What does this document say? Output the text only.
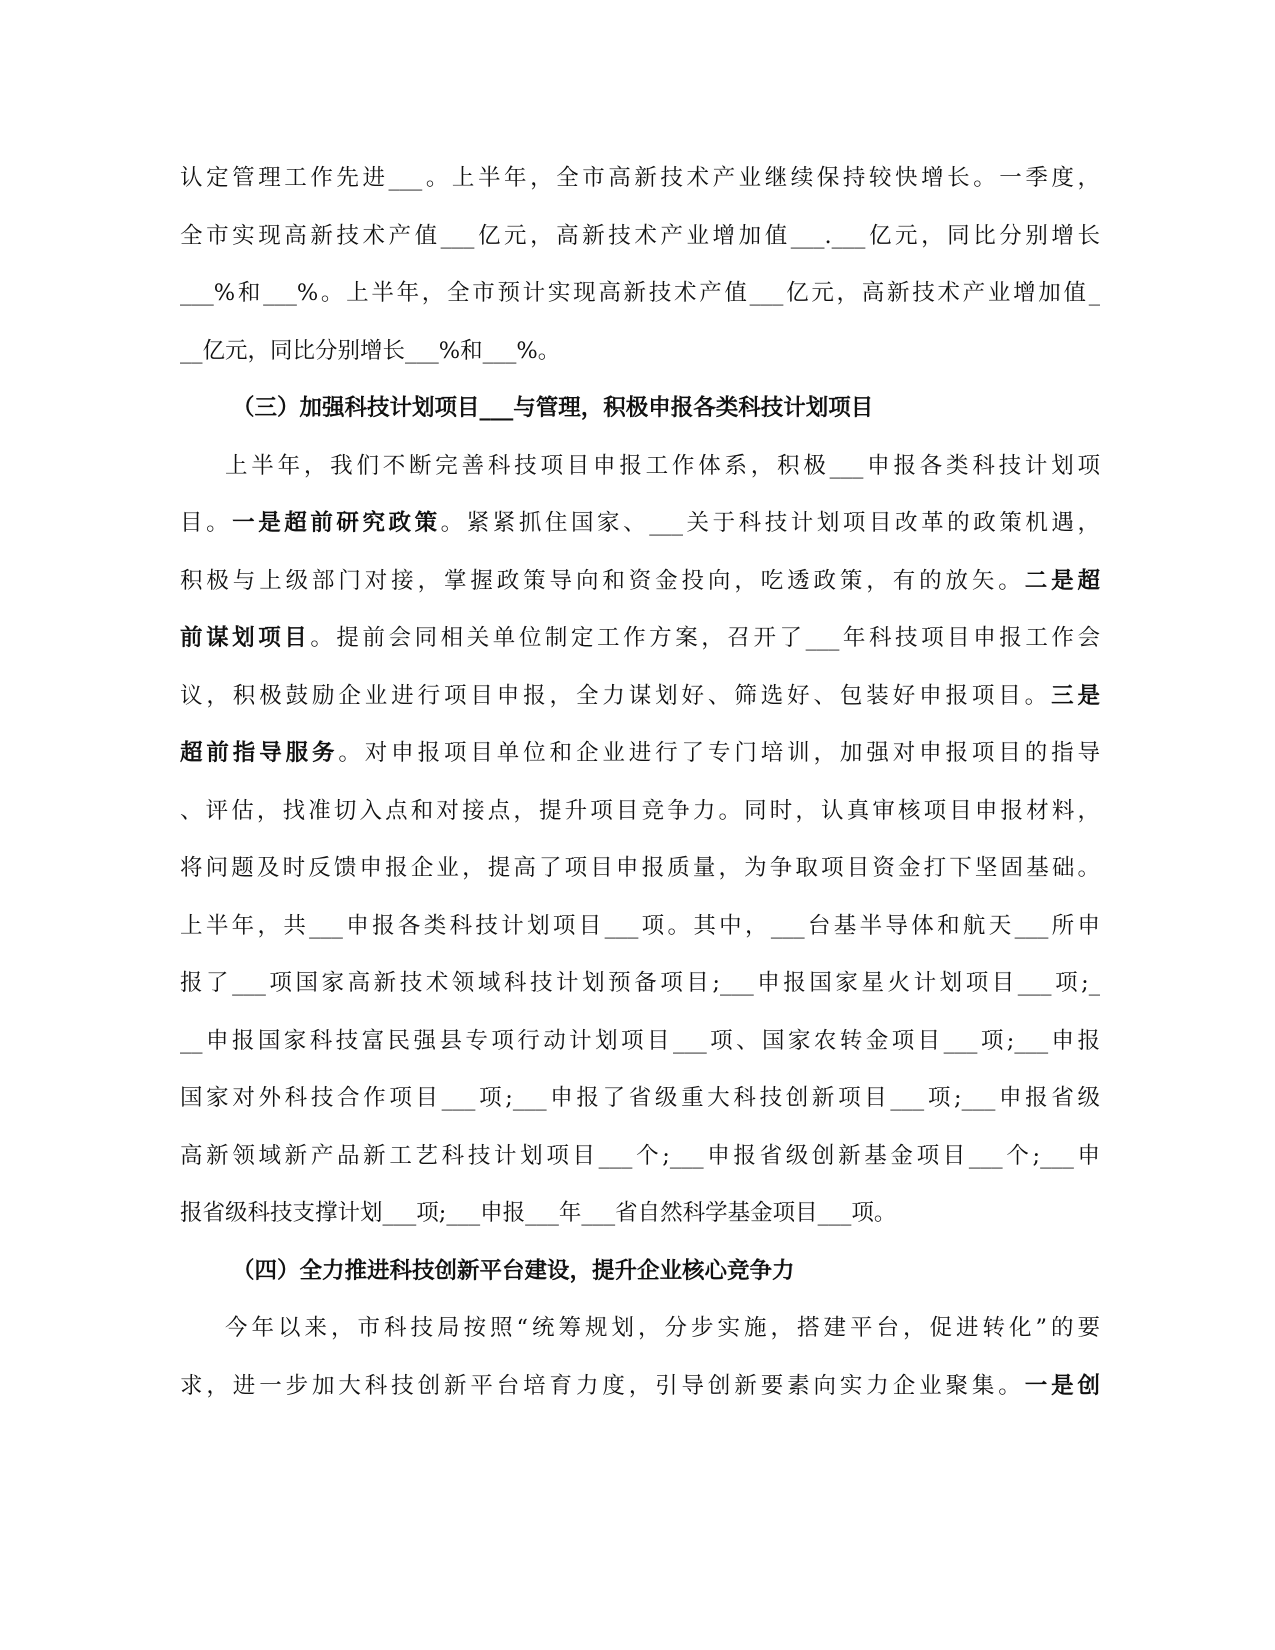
认定管理工作先进___。上半年，全市高新技术产业继续保持较快增长。一季度，
全市实现高新技术产值___亿元，高新技术产业增加值___.___亿元，同比分别增长
___%和___%。上半年，全市预计实现高新技术产值___亿元，高新技术产业增加值_
__亿元，同比分别增长___%和___%。
（三）加强科技计划项目___与管理，积极申报各类科技计划项目
上半年，我们不断完善科技项目申报工作体系，积极___申报各类科技计划项
目。一是超前研究政策。紧紧抓住国家、___关于科技计划项目改革的政策机遇，
积极与上级部门对接，掌握政策导向和资金投向，吃透政策，有的放矢。二是超
前谋划项目。提前会同相关单位制定工作方案，召开了___年科技项目申报工作会
议，积极鼓励企业进行项目申报，全力谋划好、筛选好、包装好申报项目。三是
超前指导服务。对申报项目单位和企业进行了专门培训，加强对申报项目的指导
、评估，找准切入点和对接点，提升项目竞争力。同时，认真审核项目申报材料，
将问题及时反馈申报企业，提高了项目申报质量，为争取项目资金打下坚固基础。
上半年，共___申报各类科技计划项目___项。其中，___台基半导体和航天___所申
报了___项国家高新技术领域科技计划预备项目;___申报国家星火计划项目___项;_
__申报国家科技富民强县专项行动计划项目___项、国家农转金项目___项;___申报
国家对外科技合作项目___项;___申报了省级重大科技创新项目___项;___申报省级
高新领域新产品新工艺科技计划项目___个;___申报省级创新基金项目___个;___申
报省级科技支撑计划___项;___申报___年___省自然科学基金项目___项。
（四）全力推进科技创新平台建设，提升企业核心竞争力
今年以来，市科技局按照“统筹规划，分步实施，搭建平台，促进转化”的要
求，进一步加大科技创新平台培育力度，引导创新要素向实力企业聚集。一是创
